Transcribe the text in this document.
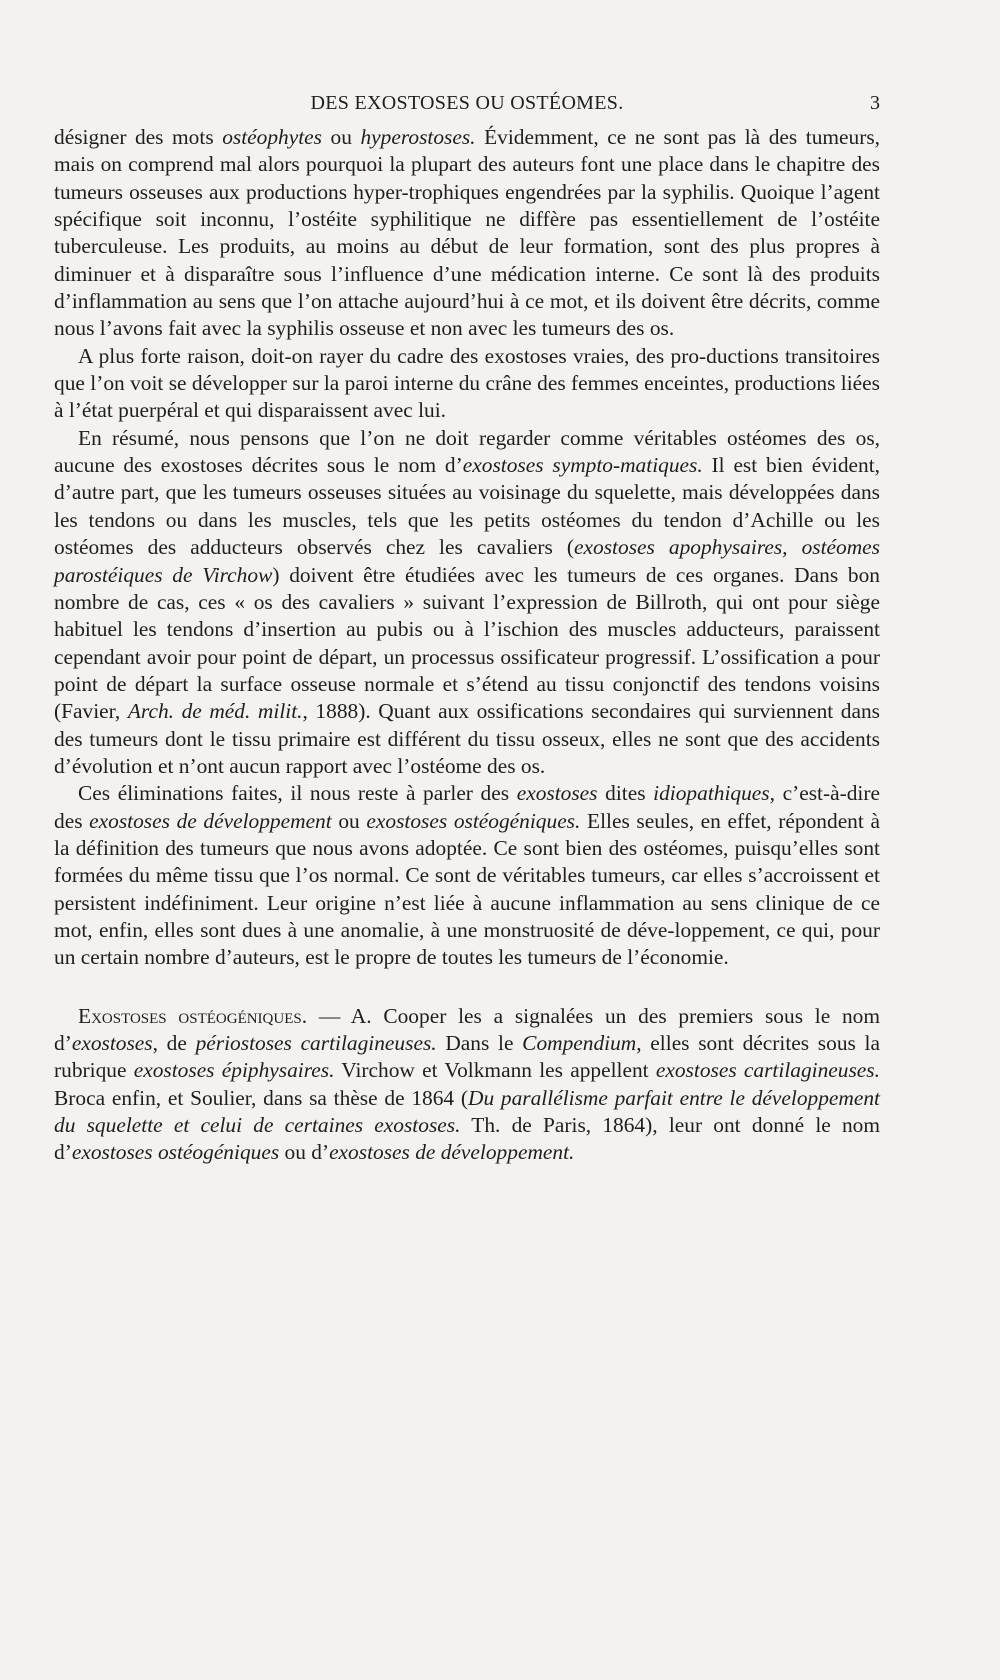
DES EXOSTOSES OU OSTÉOMES.	3

désigner des mots ostéophytes ou hyperostoses. Évidemment, ce ne sont pas là des tumeurs, mais on comprend mal alors pourquoi la plupart des auteurs font une place dans le chapitre des tumeurs osseuses aux productions hyper-trophiques engendrées par la syphilis. Quoique l’agent spécifique soit inconnu, l’ostéite syphilitique ne diffère pas essentiellement de l’ostéite tuberculeuse. Les produits, au moins au début de leur formation, sont des plus propres à diminuer et à disparaître sous l’influence d’une médication interne. Ce sont là des produits d’inflammation au sens que l’on attache aujourd’hui à ce mot, et ils doivent être décrits, comme nous l’avons fait avec la syphilis osseuse et non avec les tumeurs des os.

A plus forte raison, doit-on rayer du cadre des exostoses vraies, des pro-ductions transitoires que l’on voit se développer sur la paroi interne du crâne des femmes enceintes, productions liées à l’état puerpéral et qui disparaissent avec lui.

En résumé, nous pensons que l’on ne doit regarder comme véritables ostéomes des os, aucune des exostoses décrites sous le nom d’exostoses sympto-matiques. Il est bien évident, d’autre part, que les tumeurs osseuses situées au voisinage du squelette, mais développées dans les tendons ou dans les muscles, tels que les petits ostéomes du tendon d’Achille ou les ostéomes des adducteurs observés chez les cavaliers (exostoses apophysaires, ostéomes parostéiques de Virchow) doivent être étudiées avec les tumeurs de ces organes. Dans bon nombre de cas, ces « os des cavaliers » suivant l’expression de Billroth, qui ont pour siège habituel les tendons d’insertion au pubis ou à l’ischion des muscles adducteurs, paraissent cependant avoir pour point de départ, un processus ossificateur progressif. L’ossification a pour point de départ la surface osseuse normale et s’étend au tissu conjonctif des tendons voisins (Favier, Arch. de méd. milit., 1888). Quant aux ossifications secondaires qui surviennent dans des tumeurs dont le tissu primaire est différent du tissu osseux, elles ne sont que des accidents d’évolution et n’ont aucun rapport avec l’ostéome des os.

Ces éliminations faites, il nous reste à parler des exostoses dites idiopathiques, c’est-à-dire des exostoses de développement ou exostoses ostéogéniques. Elles seules, en effet, répondent à la définition des tumeurs que nous avons adoptée. Ce sont bien des ostéomes, puisqu’elles sont formées du même tissu que l’os normal. Ce sont de véritables tumeurs, car elles s’accroissent et persistent indéfiniment. Leur origine n’est liée à aucune inflammation au sens clinique de ce mot, enfin, elles sont dues à une anomalie, à une monstruosité de déve-loppement, ce qui, pour un certain nombre d’auteurs, est le propre de toutes les tumeurs de l’économie.

Exostoses ostéogéniques. — A. Cooper les a signalées un des premiers sous le nom d’exostoses, de périostoses cartilagineuses. Dans le Compendium, elles sont décrites sous la rubrique exostoses épiphysaires. Virchow et Volkmann les appellent exostoses cartilagineuses. Broca enfin, et Soulier, dans sa thèse de 1864 (Du parallélisme parfait entre le développement du squelette et celui de certaines exostoses. Th. de Paris, 1864), leur ont donné le nom d’exostoses ostéogéniques ou d’exostoses de développement.
